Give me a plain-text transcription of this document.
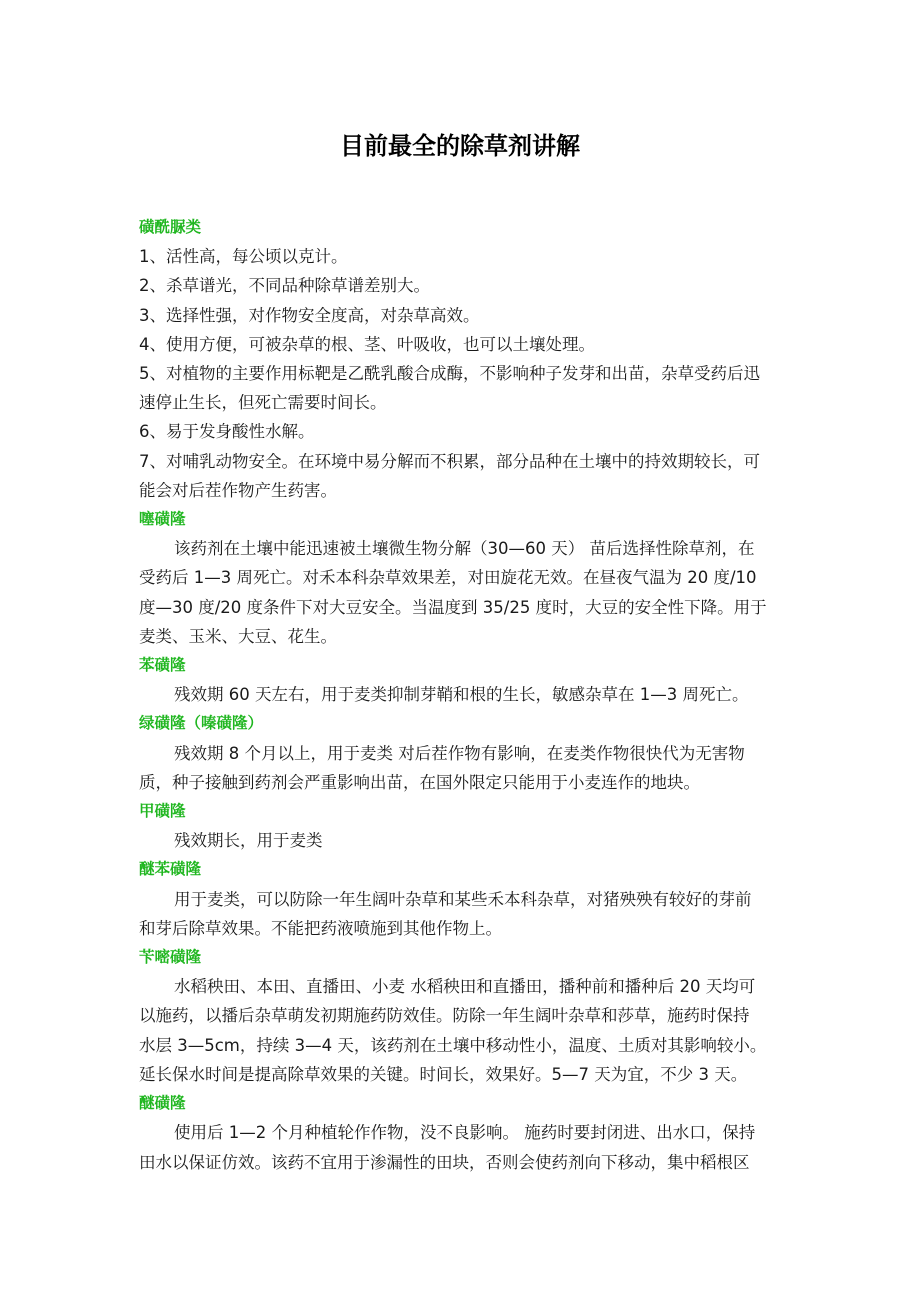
目前最全的除草剂讲解
磺酰脲类
1、活性高，每公顷以克计。
2、杀草谱光，不同品种除草谱差别大。
3、选择性强，对作物安全度高，对杂草高效。
4、使用方便，可被杂草的根、茎、叶吸收，也可以土壤处理。
5、对植物的主要作用标靶是乙酰乳酸合成酶，不影响种子发芽和出苗，杂草受药后迅
速停止生长，但死亡需要时间长。
6、易于发身酸性水解。
7、对哺乳动物安全。在环境中易分解而不积累，部分品种在土壤中的持效期较长，可
能会对后茬作物产生药害。
噻磺隆
该药剂在土壤中能迅速被土壤微生物分解（30—60 天） 苗后选择性除草剂，在
受药后 1—3 周死亡。对禾本科杂草效果差，对田旋花无效。在昼夜气温为 20 度/10
度—30 度/20 度条件下对大豆安全。当温度到 35/25 度时，大豆的安全性下降。用于
麦类、玉米、大豆、花生。
苯磺隆
残效期 60 天左右，用于麦类抑制芽鞘和根的生长，敏感杂草在 1—3 周死亡。
绿磺隆（嗪磺隆）
残效期 8 个月以上，用于麦类 对后茬作物有影响，在麦类作物很快代为无害物
质，种子接触到药剂会严重影响出苗，在国外限定只能用于小麦连作的地块。
甲磺隆
残效期长，用于麦类
醚苯磺隆
用于麦类，可以防除一年生阔叶杂草和某些禾本科杂草，对猪殃殃有较好的芽前
和芽后除草效果。不能把药液喷施到其他作物上。
苄嘧磺隆
水稻秧田、本田、直播田、小麦 水稻秧田和直播田，播种前和播种后 20 天均可
以施药，以播后杂草萌发初期施药防效佳。防除一年生阔叶杂草和莎草，施药时保持
水层 3—5cm，持续 3—4 天，该药剂在土壤中移动性小，温度、土质对其影响较小。
延长保水时间是提高除草效果的关键。时间长，效果好。5—7 天为宜，不少 3 天。
醚磺隆
使用后 1—2 个月种植轮作作物，没不良影响。 施药时要封闭进、出水口，保持
田水以保证仿效。该药不宜用于渗漏性的田块，否则会使药剂向下移动，集中稻根区
